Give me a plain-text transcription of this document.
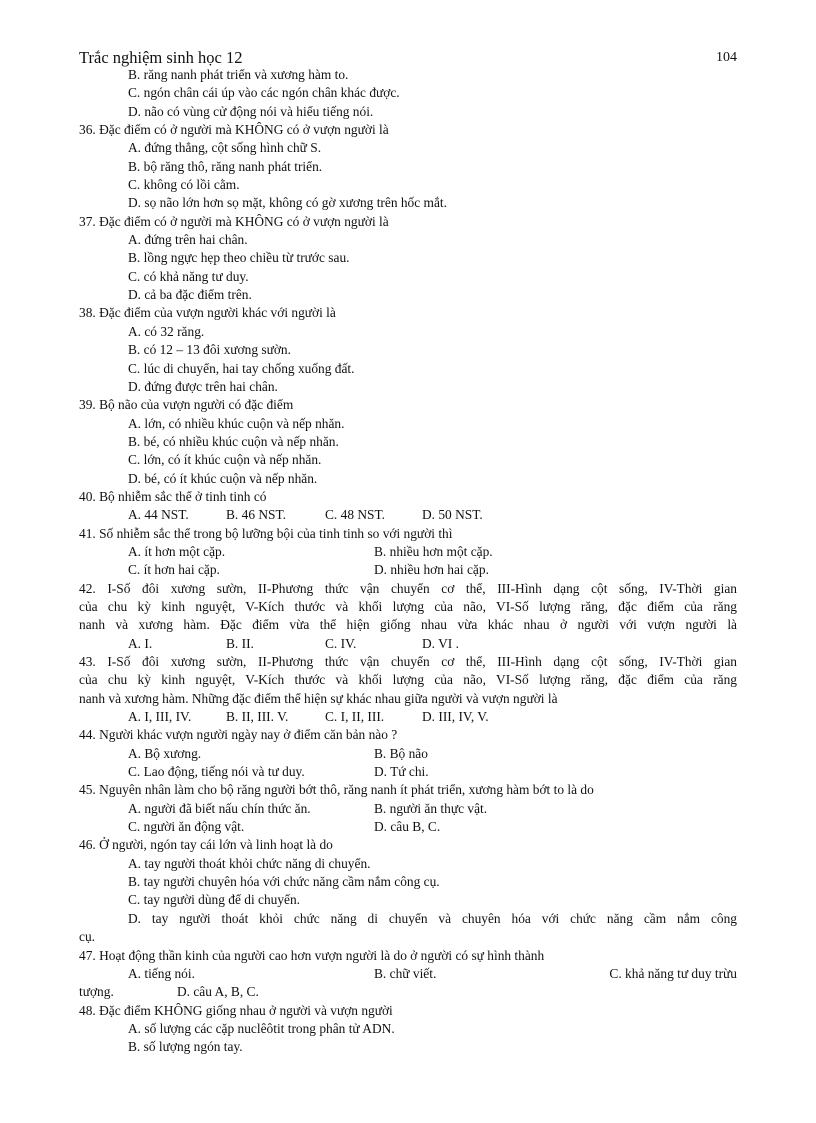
Trắc nghiệm sinh học 12	104
B. răng nanh phát triển và xương hàm to.
C. ngón chân cái úp vào các ngón chân khác được.
D. não có vùng cử động nói và hiểu tiếng nói.
36. Đặc điểm có ở người mà KHÔNG có ở vượn người là
A. đứng thẳng, cột sống hình chữ S.
B. bộ răng thô, răng nanh phát triển.
C. không có lồi cằm.
D. sọ não lớn hơn sọ mặt, không có gờ xương trên hốc mắt.
37. Đặc điểm có ở người mà KHÔNG có ở vượn người là
A. đứng trên hai chân.
B. lồng ngực hẹp theo chiều từ trước sau.
C. có khả năng tư duy.
D. cả ba đặc điểm trên.
38. Đặc điểm của vượn người khác với người là
A. có 32 răng.
B. có 12 – 13 đôi xương sườn.
C. lúc di chuyển, hai tay chống xuống đất.
D. đứng được trên hai chân.
39. Bộ não của vượn người có đặc điểm
A. lớn, có nhiều khúc cuộn và nếp nhăn.
B. bé, có nhiều khúc cuộn và nếp nhăn.
C. lớn, có ít khúc cuộn và nếp nhăn.
D. bé, có ít khúc cuộn và nếp nhăn.
40. Bộ nhiễm sắc thể ở tinh tinh có
A. 44 NST.	B. 46 NST.	C. 48 NST.	D. 50 NST.
41. Số nhiễm sắc thể trong bộ lưỡng bội của tinh tinh so với người thì
A. ít hơn một cặp.	B. nhiều hơn một cặp.
C. ít hơn hai cặp.	D. nhiều hơn hai cặp.
42. I-Số đôi xương sườn, II-Phương thức vận chuyển cơ thể, III-Hình dạng cột sống, IV-Thời gian
của chu kỳ kinh nguyệt, V-Kích thước và khối lượng của não, VI-Số lượng răng, đặc điểm của răng
nanh và xương hàm. Đặc điểm vừa thể hiện giống nhau vừa khác nhau ở người với vượn người là
A. I.	B. II.	C. IV.	D. VI .
43. I-Số đôi xương sườn, II-Phương thức vận chuyển cơ thể, III-Hình dạng cột sống, IV-Thời gian
của chu kỳ kinh nguyệt, V-Kích thước và khối lượng của não, VI-Số lượng răng, đặc điểm của răng
nanh và xương hàm. Những đặc điểm thể hiện sự khác nhau giữa người và vượn người là
A. I, III, IV.	B. II, III. V.	C. I, II, III.	D. III, IV, V.
44. Người khác vượn người ngày nay ở điểm căn bản nào ?
A. Bộ xương.	B. Bộ não
C. Lao động, tiếng nói và tư duy.	D. Tứ chi.
45. Nguyên nhân làm cho bộ răng người bớt thô, răng nanh ít phát triển, xương hàm bớt to là do
A. người đã biết nấu chín thức ăn.	B. người ăn thực vật.
C. người ăn động vật.	D. câu B, C.
46. Ở người, ngón tay cái lớn và linh hoạt là do
A. tay người thoát khỏi chức năng di chuyển.
B. tay người chuyên hóa với chức năng cầm nắm công cụ.
C. tay người dùng để di chuyển.
D. tay người thoát khỏi chức năng di chuyển và chuyên hóa với chức năng cầm nắm công
cụ.
47. Hoạt động thần kinh của người cao hơn vượn người là do ở người có sự hình thành
A. tiếng nói.	B. chữ viết.	C. khả năng tư duy trừu
tượng.	D. câu A, B, C.
48. Đặc điểm KHÔNG giống nhau ở người và vượn người
A. số lượng các cặp nuclêôtit trong phân tử ADN.
B. số lượng ngón tay.
